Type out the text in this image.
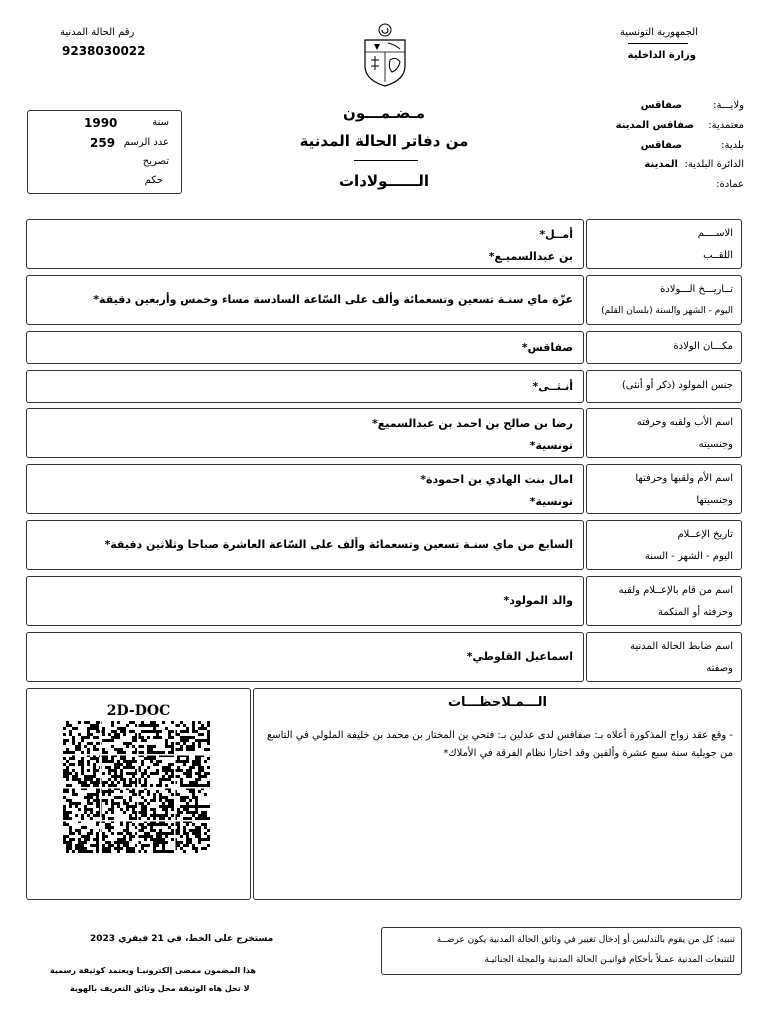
رقم الحالة المدنية
9238030022
الجمهورية التونسية
وزارة الداخلية
مـضـمـــون
من دفاتر الحالة المدنية
الــــــولادات
سنة
1990
عدد الرسم
259
تصريح
حكم
ولايـــة:
صفاقس
معتمدية:
صفاقس المدينة
بلدية:
صفاقس
الدائرة البلدية:
المدينة
عمادة:
أمــل*
بن عبدالسميـع*
الاســــم
اللقــب
عزّة ماي سنـة تسعين وتسعمائة وألف على السّاعة السادسة مساء وخمس وأربعين دقيقة*
تــاريـــخ الـــولادة
اليوم - الشهر والسنة (بلسان القلم)
صفاقس*	مكـــان الولادة
أنـثــى*	جنس المولود (ذكر أو أنثى)
رضا بن صالح بن احمد بن عبدالسميع*
تونسية*
اسم الأب ولقبه وحرفته
وجنسيته
امال بنت الهادي بن احمودة*
تونسية*
اسم الأم ولقبها وحرفتها
وجنسيتها
السابع من ماي سنـة تسعين وتسعمائة وألف على السّاعة العاشرة صباحا وثلاثين دقيقة*
تاريخ الإعــلام
اليوم - الشهر - السنة
والد المولود*
اسم من قام بالإعــلام ولقبه
وحرفته أو المتكمة
اسماعيل القلوطي*
اسم ضابط الحالة المدنية
وصفته
2D-DOC
الـــمـلاحظـــات
- وقع عقد زواج المذكورة أعلاه بـ: صفاقس لدى عدلين بـ: فتحي بن المختار بن محمد بن خليفة الملولي في التاسع من جويلية سنة سبع عشرة وألفين وقد اختارا نظام الفرقة في الأملاك*
مستخرج على الخط، في 21 فيفري 2023
هذا المضمون ممضى إلكترونيـا ويعتمد كوثيقة رسمية
لا تحل هاه الوثيقة محل وثائق التعريف بالهوية
تنبيه: كل من يقوم بالتدليس أو إدخال تغيير في وثائق الحالة المدنية يكون عرضــة
للتتبعات المدنية عمـلاً بأحكام قوانيـن الحالة المدنية والمجلة الجنائيـة
